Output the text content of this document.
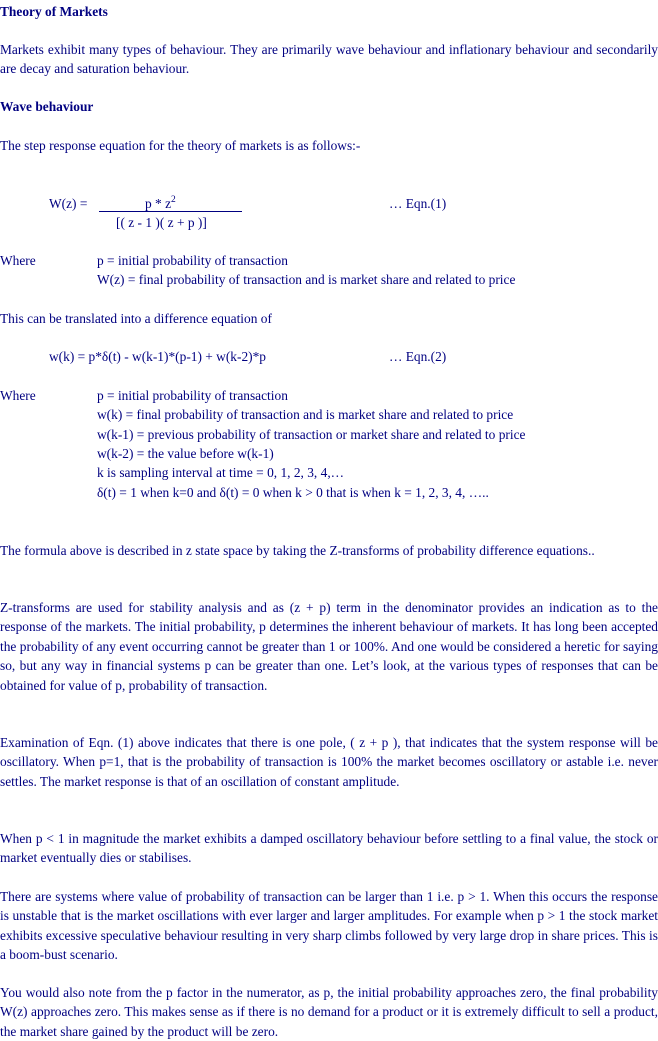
Theory of Markets

Markets exhibit many types of behaviour. They are primarily wave behaviour and inflationary behaviour and secondarily are decay and saturation behaviour.

Wave behaviour
The step response equation for the theory of markets is as follows:-
W(z) =	p * $z^2$
[( z - 1 )( z + p )]
… Eqn.(1)
Where	p = initial probability of transaction
W(z) = final probability of transaction and is market share and related to price
This can be translated into a difference equation of
w(k) = p*δ(t) - w(k-1)*(p-1) + w(k-2)*p	… Eqn.(2)
Where	p = initial probability of transaction
w(k) = final probability of transaction and is market share and related to price
w(k-1) = previous probability of transaction or market share and related to price
w(k-2) = the value before w(k-1)
k is sampling interval at time = 0, 1, 2, 3, 4,…
δ(t) = 1 when k=0 and δ(t) = 0 when k > 0 that is when k = 1, 2, 3, 4, …..

The formula above is described in z state space by taking the Z-transforms of probability difference equations..

Z-transforms are used for stability analysis and as (z + p) term in the denominator provides an indication as to the response of the markets. The initial probability, p determines the inherent behaviour of markets. It has long been accepted the probability of any event occurring cannot be greater than 1 or 100%. And one would be considered a heretic for saying so, but any way in financial systems p can be greater than one. Let’s look, at the various types of responses that can be obtained for value of p, probability of transaction.

Examination of Eqn. (1) above indicates that there is one pole, ( z + p ), that indicates that the system response will be oscillatory. When p=1, that is the probability of transaction is 100% the market becomes oscillatory or astable i.e. never settles. The market response is that of an oscillation of constant amplitude.

When p < 1 in magnitude the market exhibits a damped oscillatory behaviour before settling to a final value, the stock or market eventually dies or stabilises.

There are systems where value of probability of transaction can be larger than 1 i.e. p > 1. When this occurs the response is unstable that is the market oscillations with ever larger and larger amplitudes. For example when p > 1 the stock market exhibits excessive speculative behaviour resulting in very sharp climbs followed by very large drop in share prices. This is a boom-bust scenario.

You would also note from the p factor in the numerator, as p, the initial probability approaches zero, the final probability W(z) approaches zero. This makes sense as if there is no demand for a product or it is extremely difficult to sell a product, the market share gained by the product will be zero.
